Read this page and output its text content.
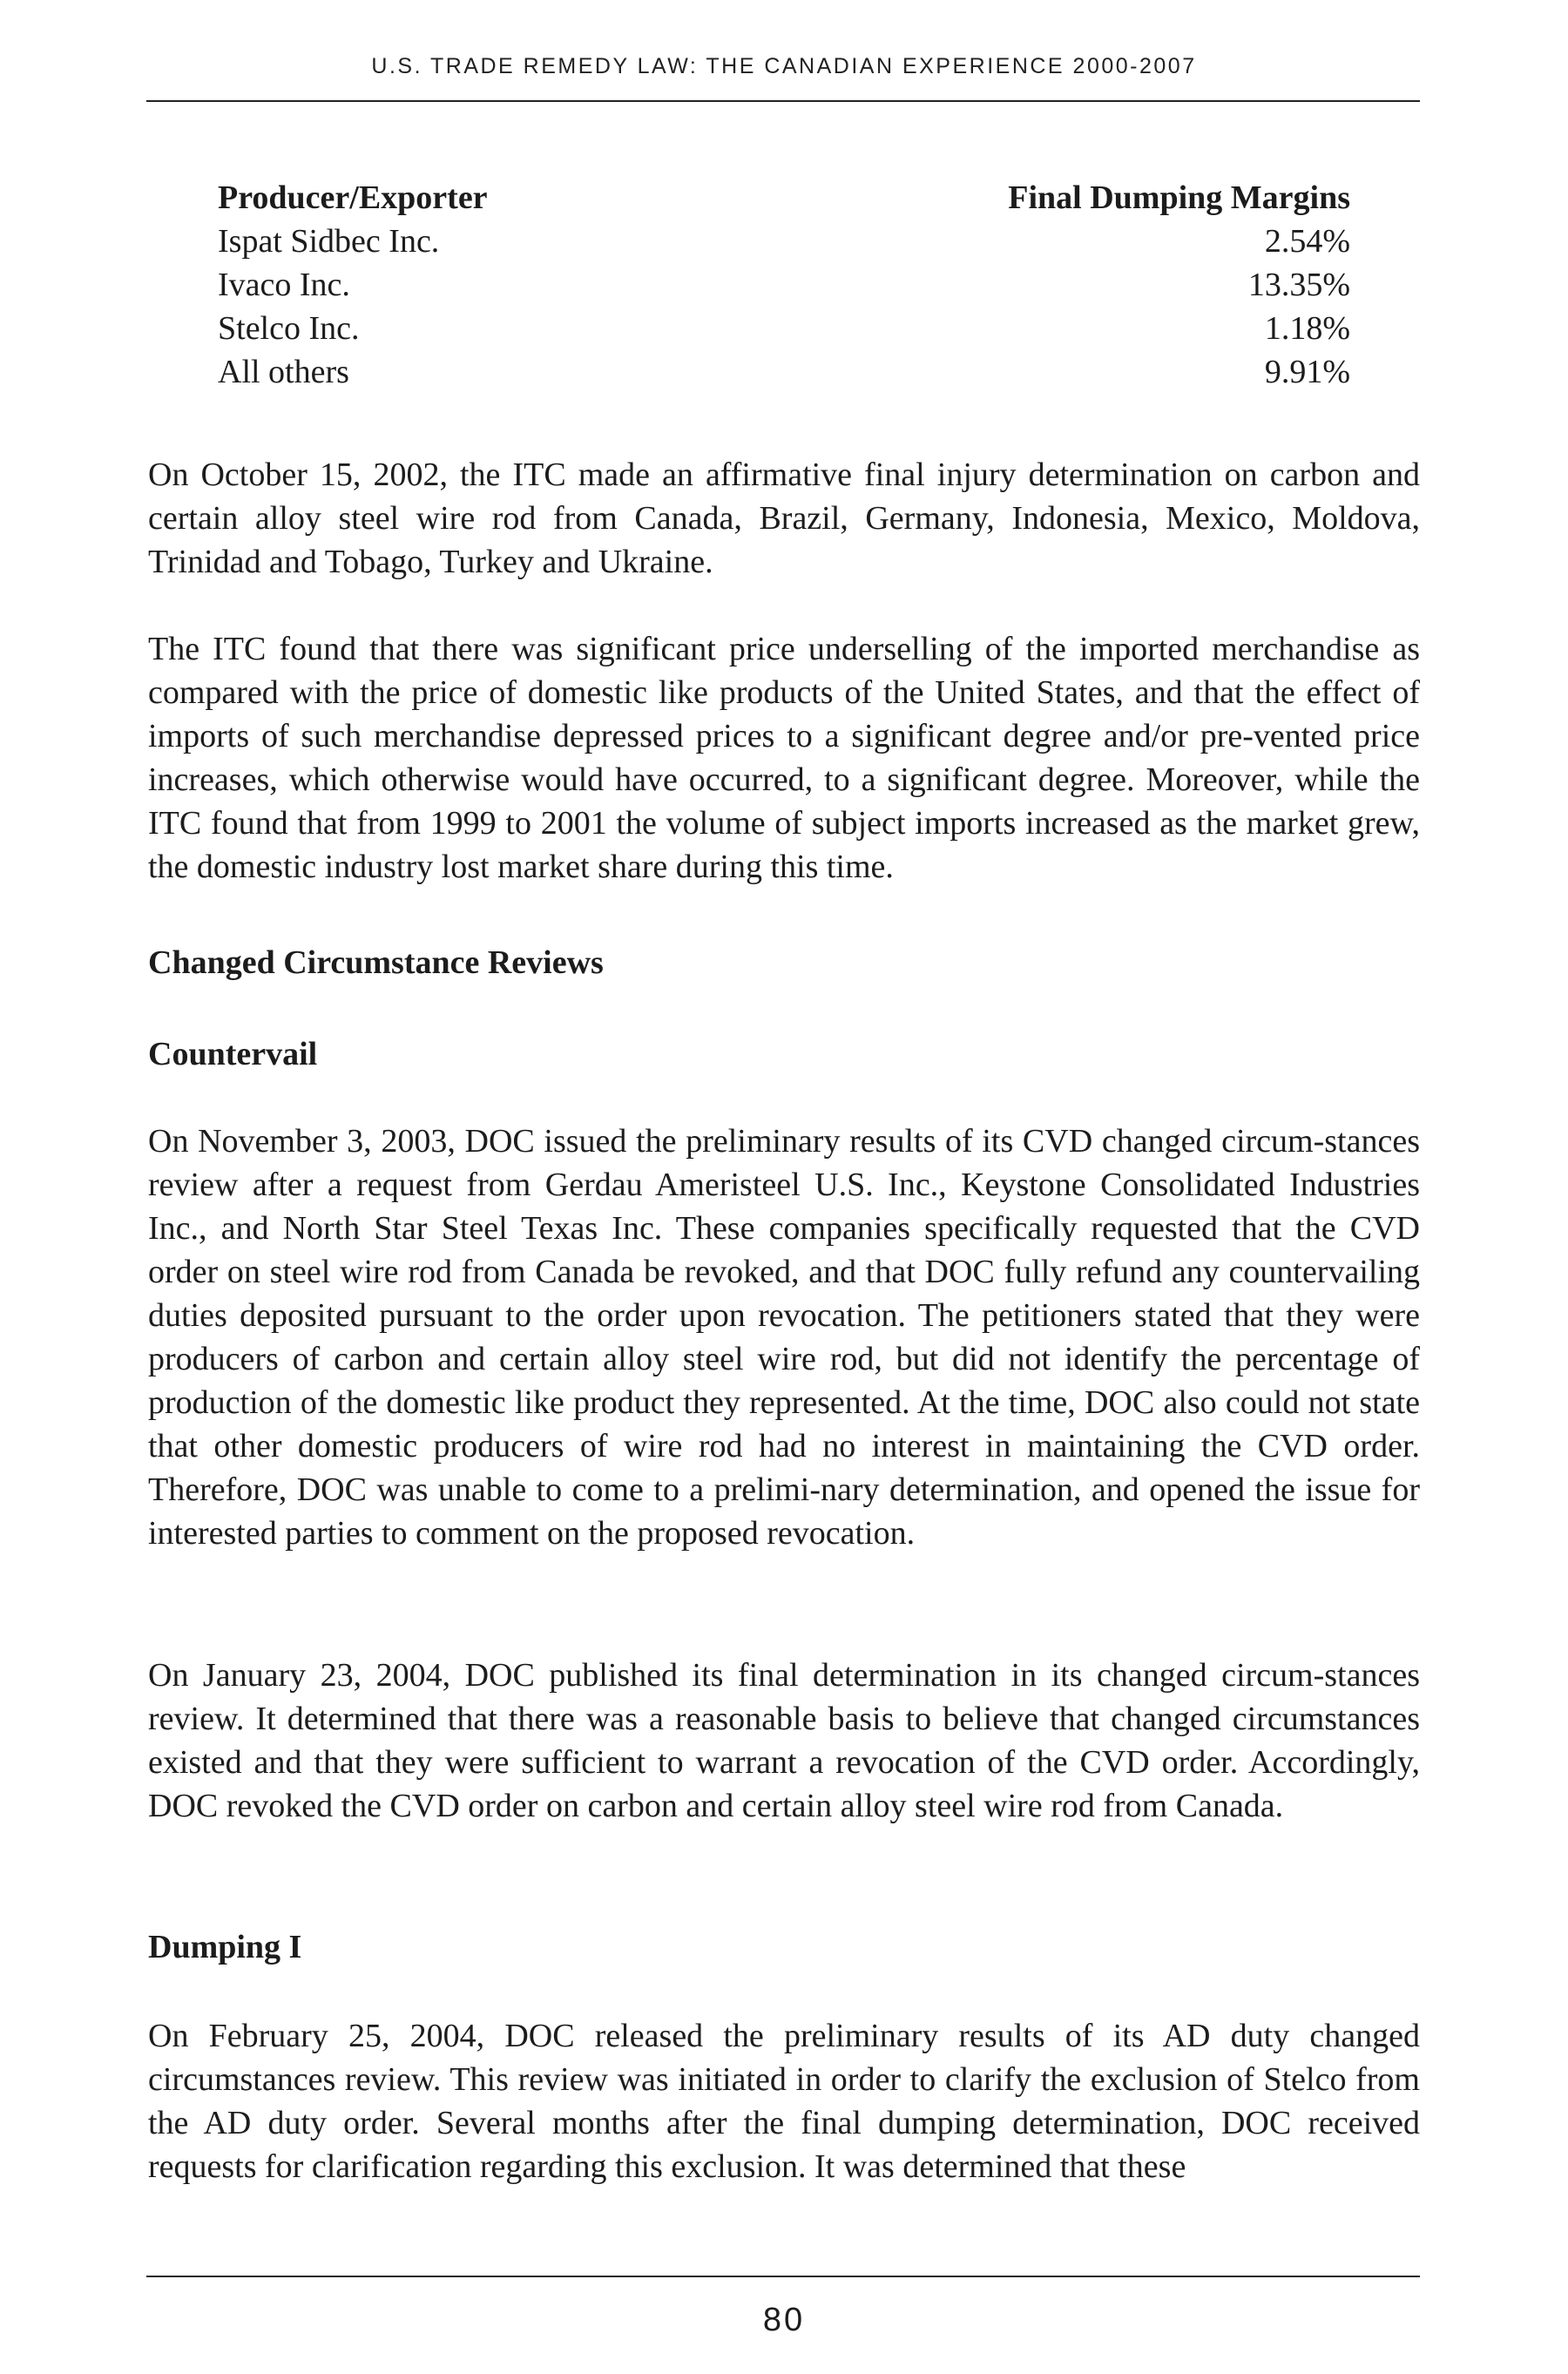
U.S. TRADE REMEDY LAW: THE CANADIAN EXPERIENCE 2000-2007
Producer/Exporter	Final Dumping Margins
Ispat Sidbec Inc.	2.54%
Ivaco Inc.	13.35%
Stelco Inc.	1.18%
All others	9.91%

On October 15, 2002, the ITC made an affirmative final injury determination on carbon and certain alloy steel wire rod from Canada, Brazil, Germany, Indonesia, Mexico, Moldova, Trinidad and Tobago, Turkey and Ukraine.

The ITC found that there was significant price underselling of the imported merchandise as compared with the price of domestic like products of the United States, and that the effect of imports of such merchandise depressed prices to a significant degree and/or pre-vented price increases, which otherwise would have occurred, to a significant degree. Moreover, while the ITC found that from 1999 to 2001 the volume of subject imports increased as the market grew, the domestic industry lost market share during this time.

Changed Circumstance Reviews
Countervail

On November 3, 2003, DOC issued the preliminary results of its CVD changed circum-stances review after a request from Gerdau Ameristeel U.S. Inc., Keystone Consolidated Industries Inc., and North Star Steel Texas Inc. These companies specifically requested that the CVD order on steel wire rod from Canada be revoked, and that DOC fully refund any countervailing duties deposited pursuant to the order upon revocation. The petitioners stated that they were producers of carbon and certain alloy steel wire rod, but did not identify the percentage of production of the domestic like product they represented. At the time, DOC also could not state that other domestic producers of wire rod had no interest in maintaining the CVD order. Therefore, DOC was unable to come to a prelimi-nary determination, and opened the issue for interested parties to comment on the proposed revocation.

On January 23, 2004, DOC published its final determination in its changed circum-stances review. It determined that there was a reasonable basis to believe that changed circumstances existed and that they were sufficient to warrant a revocation of the CVD order. Accordingly, DOC revoked the CVD order on carbon and certain alloy steel wire rod from Canada.

Dumping I

On February 25, 2004, DOC released the preliminary results of its AD duty changed circumstances review. This review was initiated in order to clarify the exclusion of Stelco from the AD duty order. Several months after the final dumping determination, DOC received requests for clarification regarding this exclusion. It was determined that these

80
